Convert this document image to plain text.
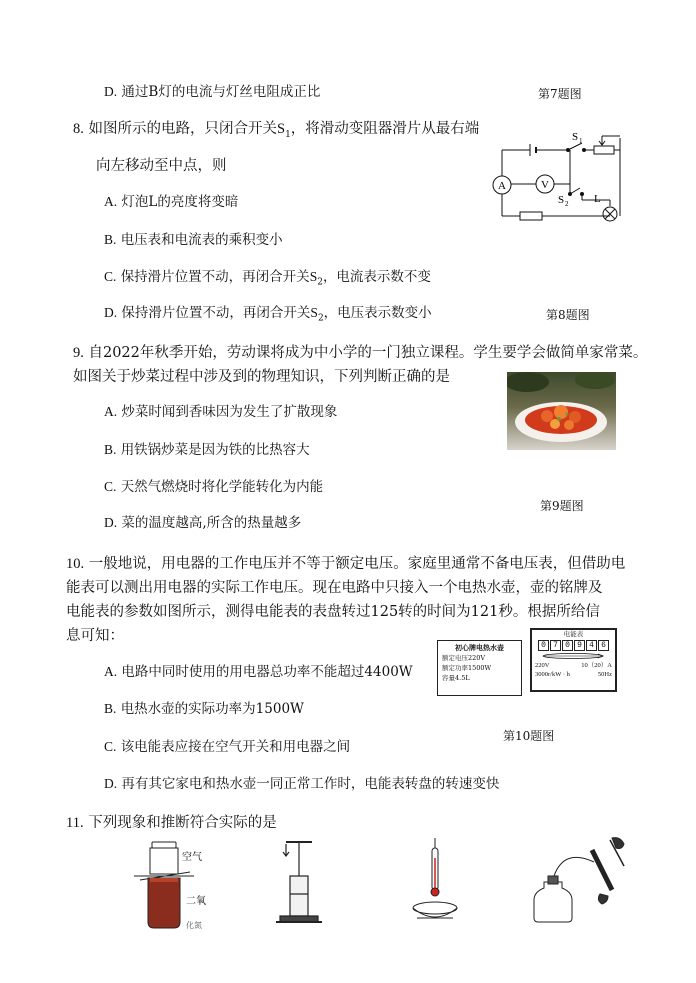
D. 通过B灯的电流与灯丝电阻成正比	第7题图
8. 如图所示的电路，只闭合开关$S_1$，将滑动变阻器滑片从最右端
向左移动至中点，则
A. 灯泡L的亮度将变暗
B. 电压表和电流表的乘积变小
C. 保持滑片位置不动，再闭合开关$S_2$，电流表示数不变
D. 保持滑片位置不动，再闭合开关$S_2$，电压表示数变小	第8题图
A	V
S 1
S 2 L
9. 自2022年秋季开始，劳动课将成为中小学的一门独立课程。学生要学会做简单家常菜。
如图关于炒菜过程中涉及到的物理知识，下列判断正确的是
A. 炒菜时闻到香味因为发生了扩散现象
B. 用铁锅炒菜是因为铁的比热容大
C. 天然气燃烧时将化学能转化为内能
D. 菜的温度越高,所含的热量越多
第9题图
10. 一般地说，用电器的工作电压并不等于额定电压。家庭里通常不备电压表，但借助电
能表可以测出用电器的实际工作电压。现在电路中只接入一个电热水壶，壶的铭牌及
电能表的参数如图所示，测得电能表的表盘转过125转的时间为121秒。根据所给信
息可知：
A. 电路中同时使用的用电器总功率不能超过4400W
B. 电热水壶的实际功率为1500W
C. 该电能表应接在空气开关和用电器之间
D. 再有其它家电和热水壶一同正常工作时，电能表转盘的转速变快
第10题图
初心牌电热水壶
额定电压220V
额定功率1500W
容量4.5L
电能表
0 7 0 9 4 6
220V	10（20）A
3000r/kW · h	50Hz
11. 下列现象和推断符合实际的是
空气
二氧
化氮
